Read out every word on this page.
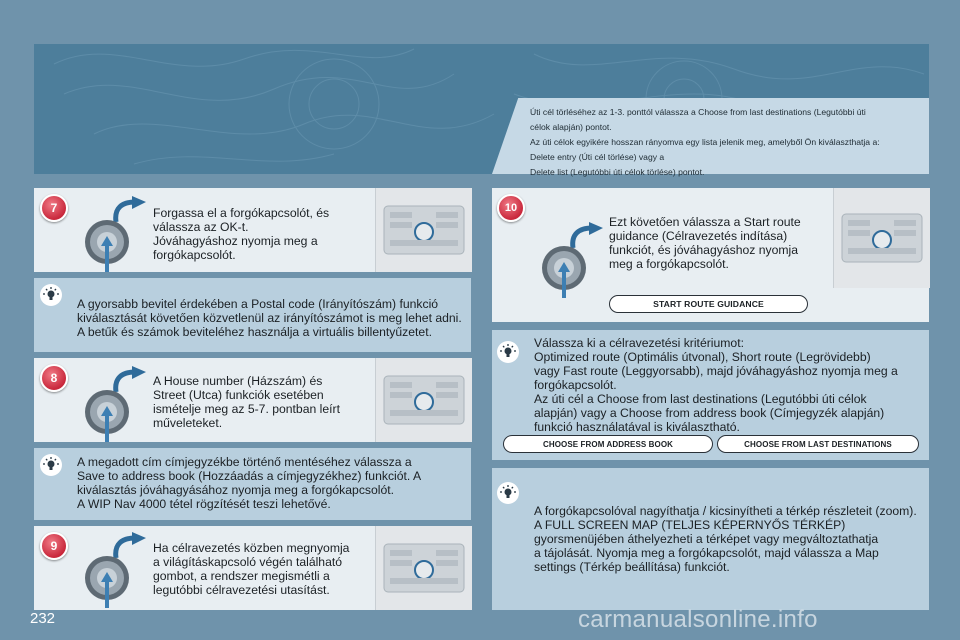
Úti cél törléséhez az 1-3. ponttól válassza a Choose from last destinations (Legutóbbi úti
célok alapján) pontot.
Az úti célok egyikére hosszan rányomva egy lista jelenik meg, amelyből Ön kiválaszthatja a:
Delete entry (Úti cél törlése) vagy a
Delete list (Legutóbbi úti célok törlése) pontot.
7	Forgassa el a forgókapcsolót, és
válassza az OK-t.
Jóváhagyáshoz nyomja meg a
forgókapcsolót.
A gyorsabb bevitel érdekében a Postal code (Irányítószám) funkció
kiválasztását követően közvetlenül az irányítószámot is meg lehet adni.
A betűk és számok beviteléhez használja a virtuális billentyűzetet.
8	A House number (Házszám) és
Street (Utca) funkciók esetében
ismételje meg az 5-7. pontban leírt
műveleteket.
A megadott cím címjegyzékbe történő mentéséhez válassza a
Save to address book (Hozzáadás a címjegyzékhez) funkciót. A
kiválasztás jóváhagyásához nyomja meg a forgókapcsolót.
A WIP Nav 4000 tétel rögzítését teszi lehetővé.
9	Ha célravezetés közben megnyomja
a világításkapcsoló végén található
gombot, a rendszer megismétli a
legutóbbi célravezetési utasítást.
10
Ezt követően válassza a Start route
guidance (Célravezetés indítása)
funkciót, és jóváhagyáshoz nyomja
meg a forgókapcsolót.
START ROUTE GUIDANCE
Válassza ki a célravezetési kritériumot:
Optimized route (Optimális útvonal), Short route (Legrövidebb)
vagy Fast route (Leggyorsabb), majd jóváhagyáshoz nyomja meg a
forgókapcsolót.
Az úti cél a Choose from last destinations (Legutóbbi úti célok
alapján) vagy a Choose from address book (Címjegyzék alapján)
funkció használatával is kiválasztható.
CHOOSE FROM ADDRESS BOOK	CHOOSE FROM LAST DESTINATIONS
A forgókapcsolóval nagyíthatja / kicsinyítheti a térkép részleteit (zoom).
A FULL SCREEN MAP (TELJES KÉPERNYŐS TÉRKÉP)
gyorsmenüjében áthelyezheti a térképet vagy megváltoztathatja
a tájolását. Nyomja meg a forgókapcsolót, majd válassza a Map
settings (Térkép beállítása) funkciót.
232	carmanualsonline.info
